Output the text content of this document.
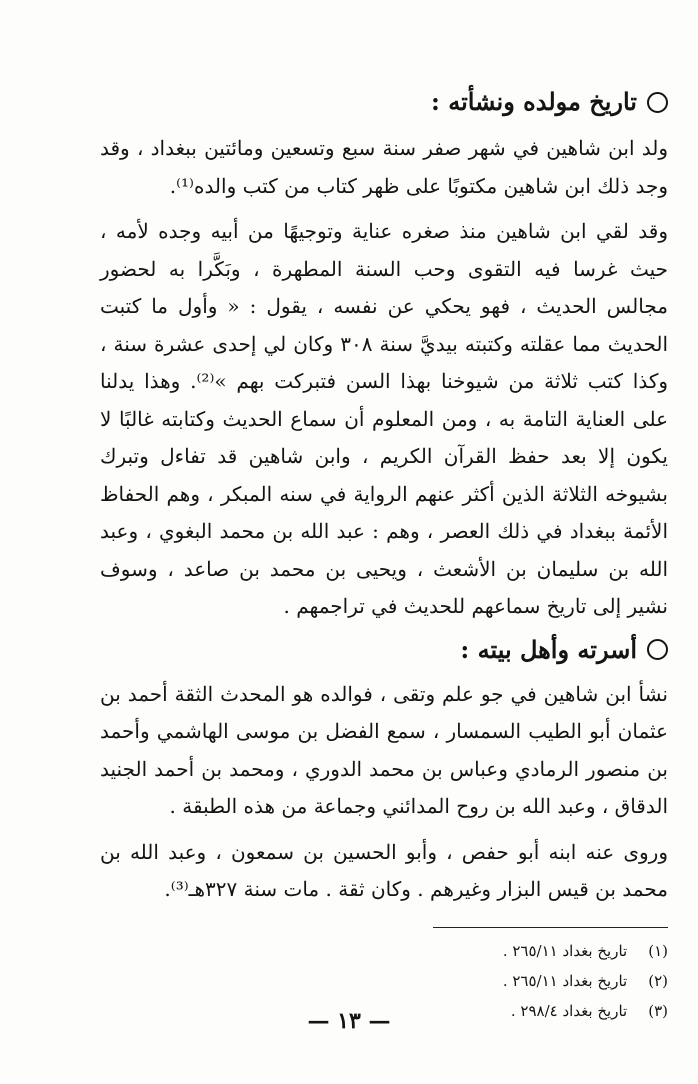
تاريخ مولده ونشأته :

ولد ابن شاهين في شهر صفر سنة سبع وتسعين ومائتين ببغداد ، وقد وجد ذلك ابن شاهين مكتوبًا على ظهر كتاب من كتب والده⁽¹⁾.

وقد لقي ابن شاهين منذ صغره عناية وتوجيهًا من أبيه وجده لأمه ، حيث غرسا فيه التقوى وحب السنة المطهرة ، وبَكَّرا به لحضور مجالس الحديث ، فهو يحكي عن نفسه ، يقول : « وأول ما كتبت الحديث مما عقلته وكتبته بيديَّ سنة ٣٠٨ وكان لي إحدى عشرة سنة ، وكذا كتب ثلاثة من شيوخنا بهذا السن فتبركت بهم »⁽²⁾. وهذا يدلنا على العناية التامة به ، ومن المعلوم أن سماع الحديث وكتابته غالبًا لا يكون إلا بعد حفظ القرآن الكريم ، وابن شاهين قد تفاءل وتبرك بشيوخه الثلاثة الذين أكثر عنهم الرواية في سنه المبكر ، وهم الحفاظ الأئمة ببغداد في ذلك العصر ، وهم : عبد الله بن محمد البغوي ، وعبد الله بن سليمان بن الأشعث ، ويحيى بن محمد بن صاعد ، وسوف نشير إلى تاريخ سماعهم للحديث في تراجمهم .

أسرته وأهل بيته :

نشأ ابن شاهين في جو علم وتقى ، فوالده هو المحدث الثقة أحمد بن عثمان أبو الطيب السمسار ، سمع الفضل بن موسى الهاشمي وأحمد بن منصور الرمادي وعباس بن محمد الدوري ، ومحمد بن أحمد الجنيد الدقاق ، وعبد الله بن روح المدائني وجماعة من هذه الطبقة .

وروى عنه ابنه أبو حفص ، وأبو الحسين بن سمعون ، وعبد الله بن محمد بن قيس البزار وغيرهم . وكان ثقة . مات سنة ٣٢٧هـ⁽³⁾.

(١) تاريخ بغداد ٢٦٥/١١ .
(٢) تاريخ بغداد ٢٦٥/١١ .
(٣) تاريخ بغداد ٢٩٨/٤ .
— ١٣ —
